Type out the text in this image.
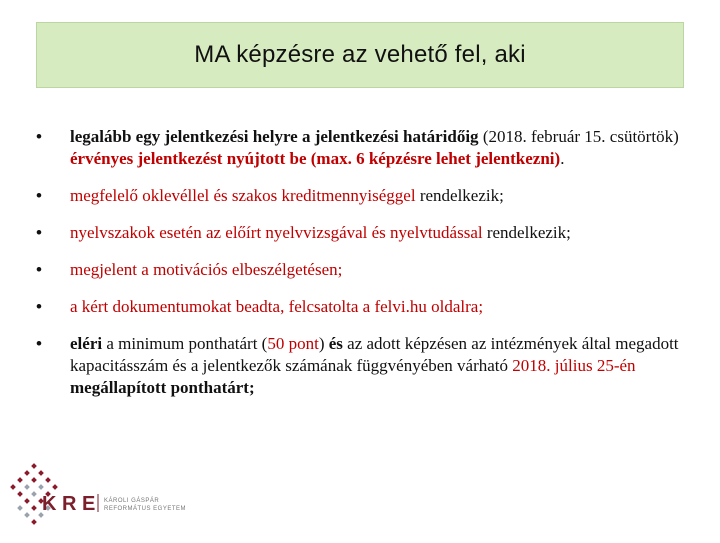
MA képzésre az vehető fel, aki
• legalább egy jelentkezési helyre a jelentkezési határidőig (2018. február 15. csütörtök) érvényes jelentkezést nyújtott be (max. 6 képzésre lehet jelentkezni).
• megfelelő oklevéllel és szakos kreditmennyiséggel rendelkezik;
• nyelvszakok esetén az előírt nyelvvizsgával és nyelvtudással rendelkezik;
• megjelent a motivációs elbeszélgetésen;
• a kért dokumentumokat beadta, felcsatolta a felvi.hu oldalra;
• eléri a minimum ponthatárt (50 pont) és az adott képzésen az intézmények által megadott kapacitásszám és a jelentkezők számának függvényében várható 2018. július 25-én megállapított ponthatárt;
K R E KÁROLI GÁSPÁR
REFORMÁTUS EGYETEM
